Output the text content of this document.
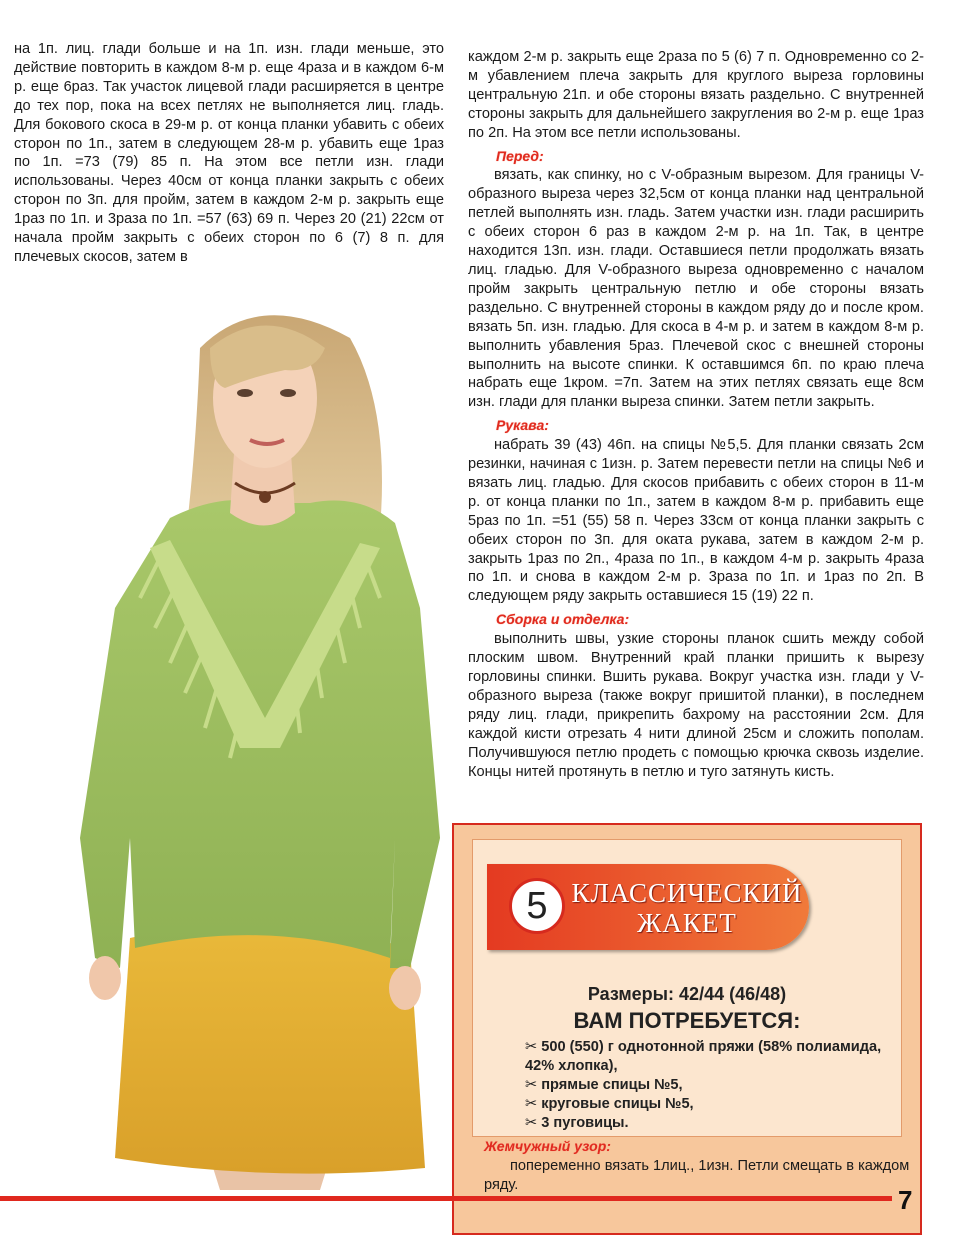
на 1п. лиц. глади больше и на 1п. изн. глади меньше, это действие повторить в каждом 8-м р. еще 4раза и в каждом 6-м р. еще 6раз. Так участок лицевой глади расширяется в центре до тех пор, пока на всех петлях не выполняется лиц. гладь. Для бокового скоса в 29-м р. от конца планки убавить с обеих сторон по 1п., затем в следующем 28-м р. убавить еще 1раз по 1п. =73 (79) 85 п. На этом все петли изн. глади использованы. Через 40см от конца планки закрыть с обеих сторон по 3п. для пройм, затем в каждом 2-м р. закрыть еще 1раз по 1п. и 3раза по 1п. =57 (63) 69 п. Через 20 (21) 22см от начала пройм закрыть с обеих сторон по 6 (7) 8 п. для плечевых скосов, затем в

каждом 2-м р. закрыть еще 2раза по 5 (6) 7 п. Одновременно со 2-м убавлением плеча закрыть для круглого выреза горловины центральную 21п. и обе стороны вязать раздельно. С внутренней стороны закрыть для дальнейшего закругления во 2-м р. еще 1раз по 2п. На этом все петли использованы.

Перед:

вязать, как спинку, но с V-образным вырезом. Для границы V-образного выреза через 32,5см от конца планки над центральной петлей выполнять изн. гладь. Затем участки изн. глади расширить с обеих сторон 6 раз в каждом 2-м р. на 1п. Так, в центре находится 13п. изн. глади. Оставшиеся петли продолжать вязать лиц. гладью. Для V-образного выреза одновременно с началом пройм закрыть центральную петлю и обе стороны вязать раздельно. С внутренней стороны в каждом ряду до и после кром. вязать 5п. изн. гладью. Для скоса в 4-м р. и затем в каждом 8-м р. выполнить убавления 5раз. Плечевой скос с внешней стороны выполнить на высоте спинки. К оставшимся 6п. по краю плеча набрать еще 1кром. =7п. Затем на этих петлях связать еще 8см изн. глади для планки выреза спинки. Затем петли закрыть.

Рукава:

набрать 39 (43) 46п. на спицы №5,5. Для планки связать 2см резинки, начиная с 1изн. р. Затем перевести петли на спицы №6 и вязать лиц. гладью. Для скосов прибавить с обеих сторон в 11-м р. от конца планки по 1п., затем в каждом 8-м р. прибавить еще 5раз по 1п. =51 (55) 58 п. Через 33см от конца планки закрыть с обеих сторон по 3п. для оката рукава, затем в каждом 2-м р. закрыть 1раз по 2п., 4раза по 1п., в каждом 4-м р. закрыть 4раза по 1п. и снова в каждом 2-м р. 3раза по 1п. и 1раз по 2п. В следующем ряду закрыть оставшиеся 15 (19) 22 п.

Сборка и отделка:

выполнить швы, узкие стороны планок сшить между собой плоским швом. Внутренний край планки пришить к вырезу горловины спинки. Вшить рукава. Вокруг участка изн. глади у V-образного выреза (также вокруг пришитой планки), в последнем ряду лиц. глади, прикрепить бахрому на расстоянии 2см. Для каждой кисти отрезать 4 нити длиной 25см и сложить пополам. Получившуюся петлю продеть с помощью крючка сквозь изделие. Концы нитей протянуть в петлю и туго затянуть кисть.

5 КЛАССИЧЕСКИЙ
ЖАКЕТ
Размеры: 42/44 (46/48)
ВАМ ПОТРЕБУЕТСЯ:
✂ 500 (550) г однотонной пряжи (58% полиамида, 42% хлопка),
✂ прямые спицы №5,
✂ круговые спицы №5,
✂ 3 пуговицы.
Жемчужный узор:

попеременно вязать 1лиц., 1изн. Петли смещать в каждом ряду.

7
